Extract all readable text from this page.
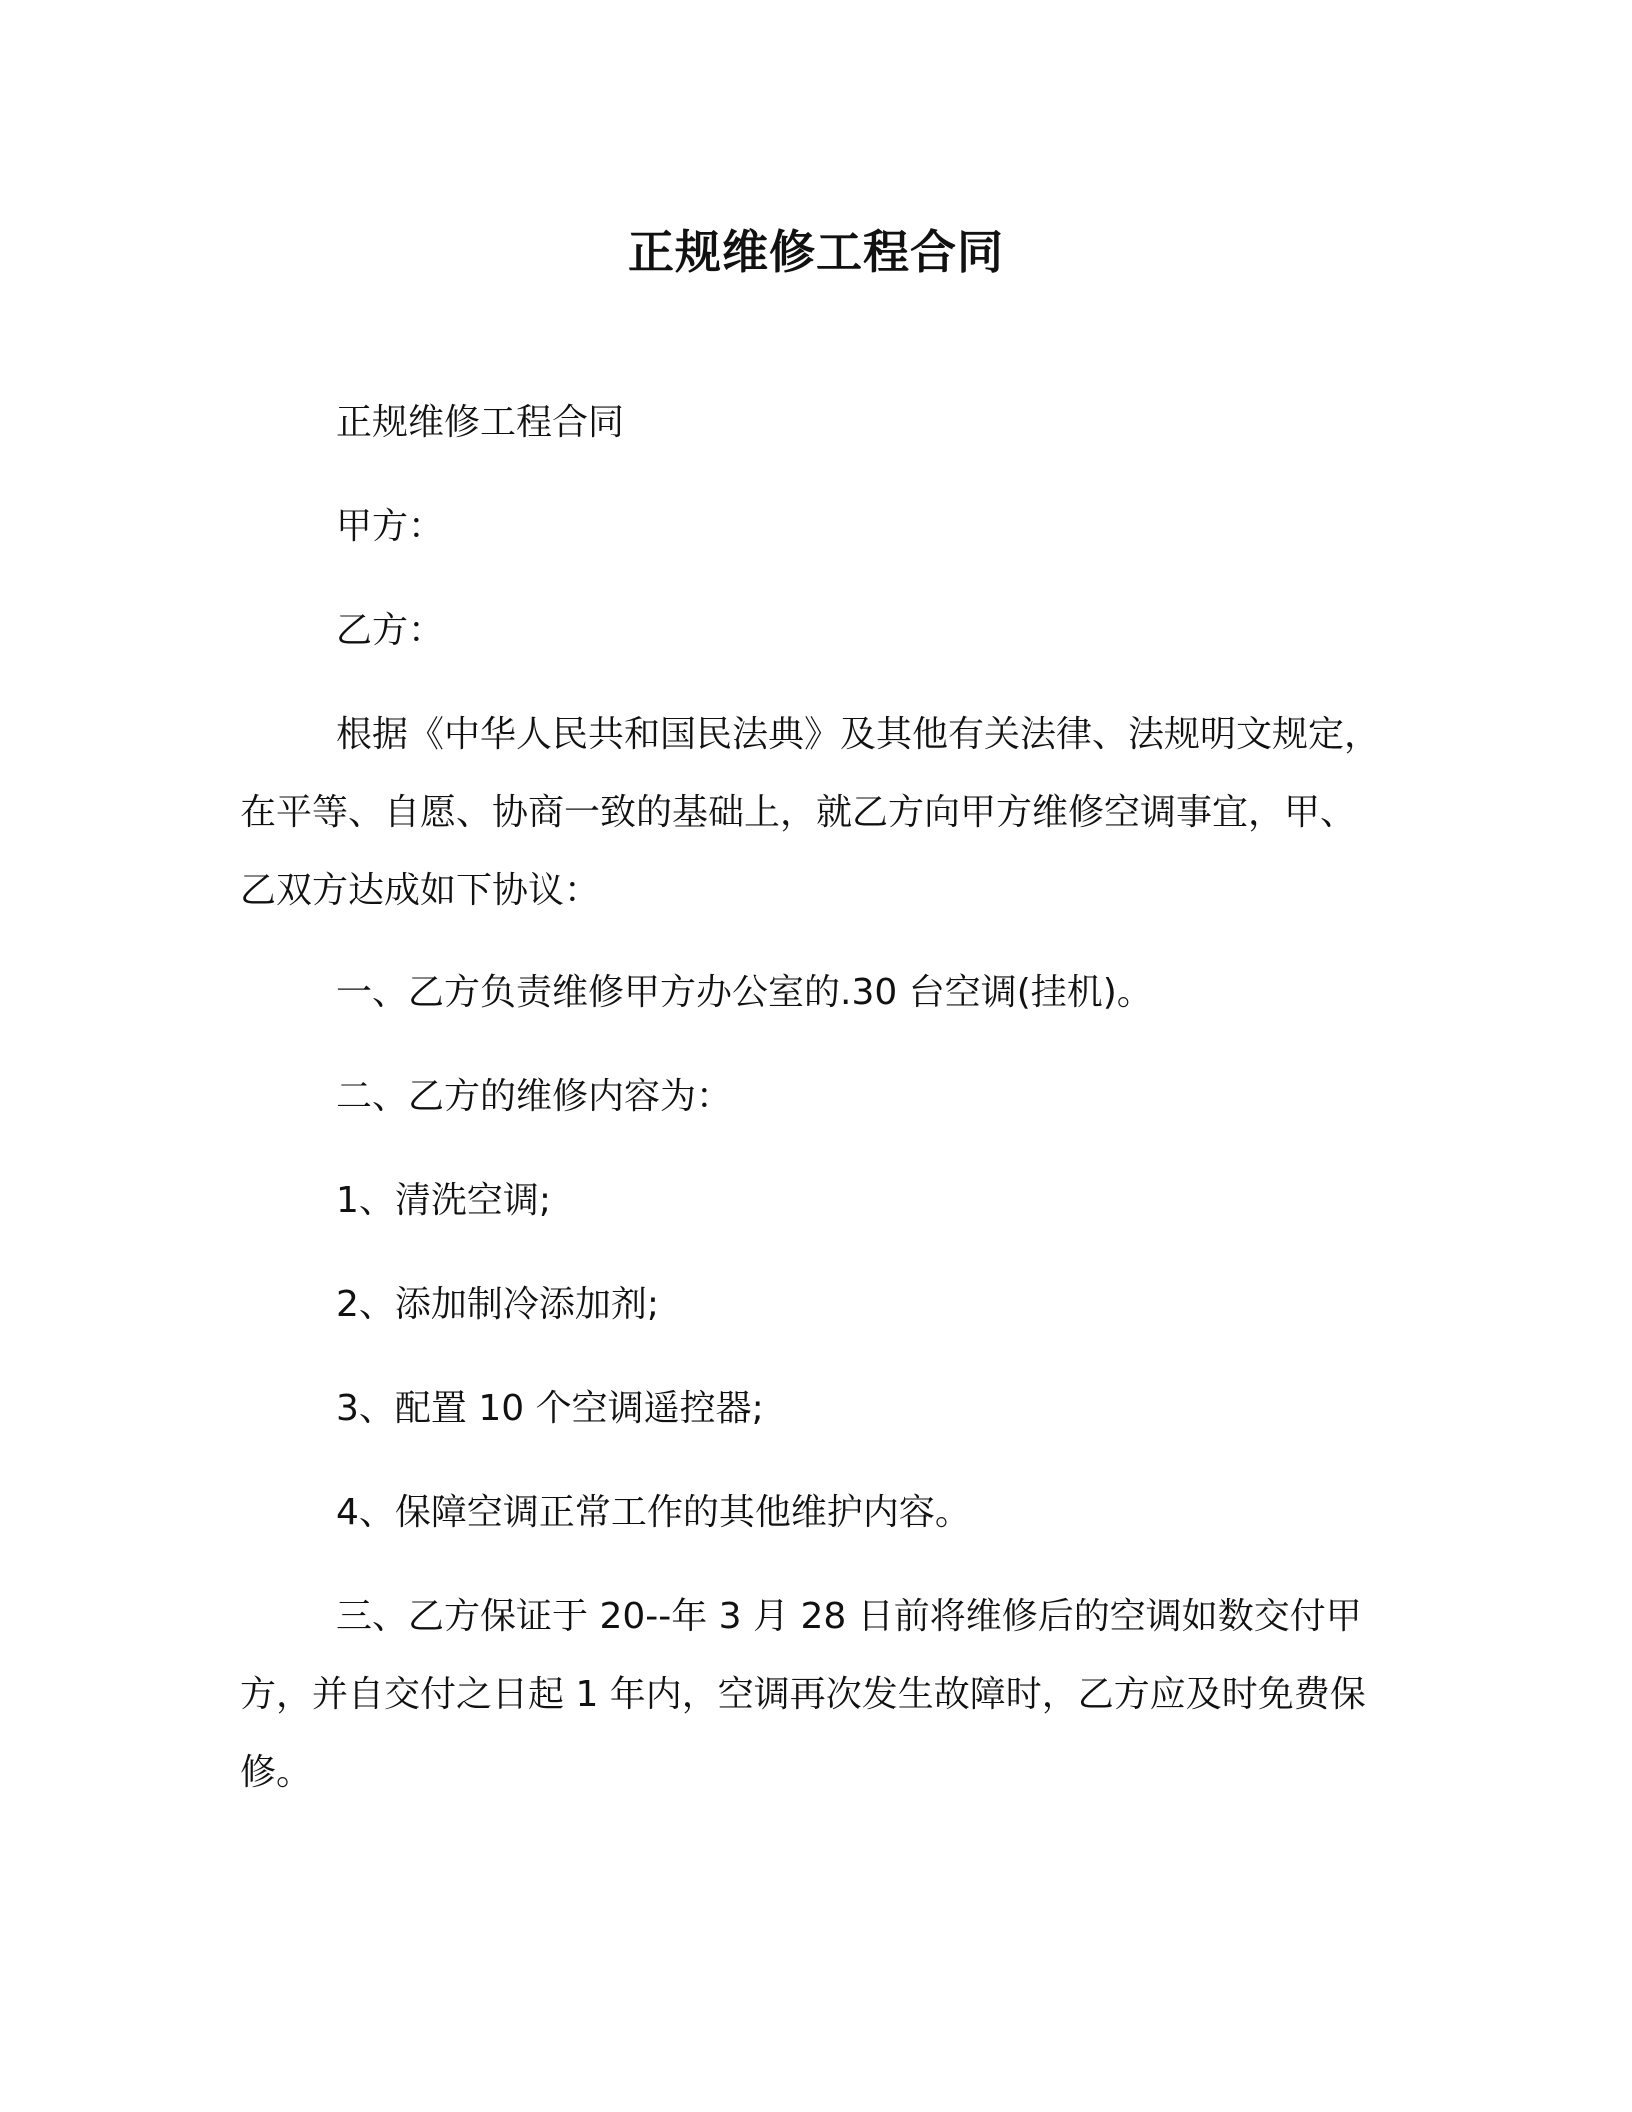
正规维修工程合同

正规维修工程合同

甲方：

乙方：

根据《中华人民共和国民法典》及其他有关法律、法规明文规定，在平等、自愿、协商一致的基础上，就乙方向甲方维修空调事宜，甲、乙双方达成如下协议：

一、乙方负责维修甲方办公室的.30 台空调(挂机)。

二、乙方的维修内容为：

1、清洗空调;

2、添加制冷添加剂;

3、配置 10 个空调遥控器;

4、保障空调正常工作的其他维护内容。

三、乙方保证于 20--年 3 月 28 日前将维修后的空调如数交付甲方，并自交付之日起 1 年内，空调再次发生故障时，乙方应及时免费保修。
